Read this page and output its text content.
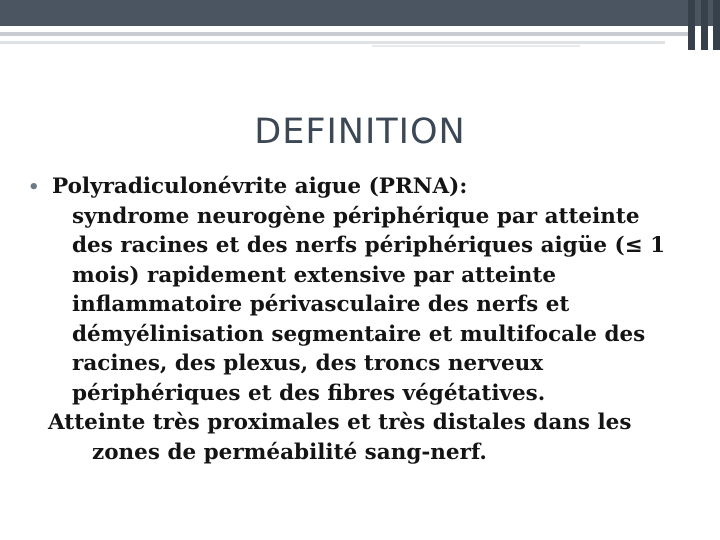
DEFINITION
• Polyradiculonévrite aigue (PRNA):
syndrome neurogène périphérique par atteinte des racines et des nerfs périphériques aigüe (≤ 1 mois) rapidement extensive par atteinte inflammatoire périvasculaire des nerfs et démyélinisation segmentaire et multifocale des racines, des plexus, des troncs nerveux périphériques et des fibres végétatives.
Atteinte très proximales et très distales dans les zones de perméabilité sang-nerf.
